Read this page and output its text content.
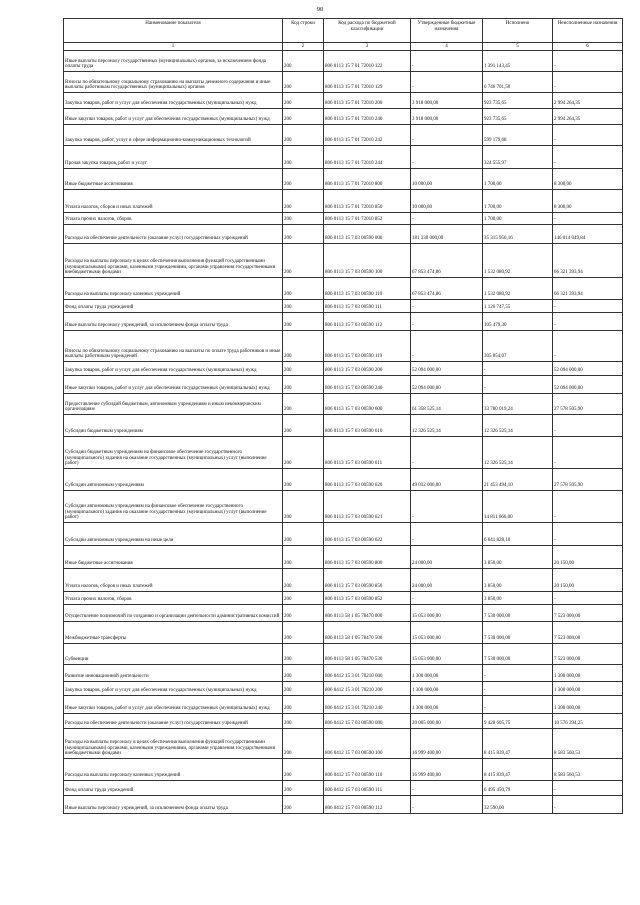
90
Наименование показателя	Код строки	Код расхода по бюджетной классификации	Утвержденные бюджетные назначения	Исполнено	Неисполненные назначения
1	2	3	4	5	6
Иные выплаты персоналу государственных (муниципальных) органов, за исключением фонда оплаты труда	200	806 0113 15 7 01 72010 122	-	1 391 143,45	-
Взносы по обязательному социальному страхованию на выплаты денежного содержания и иные выплаты работникам государственных (муниципальных) органов	200	806 0113 15 7 01 72010 129	-	6 746 701,50	-
Закупка товаров, работ и услуг для обеспечения государственных (муниципальных) нужд	200	806 0113 15 7 01 72010 200	3 918 000,00	923 735,65	2 994 264,35
Иные закупки товаров, работ и услуг для обеспечения государственных (муниципальных) нужд	200	806 0113 15 7 01 72010 240	3 918 000,00	923 735,65	2 994 264,35
Закупка товаров, работ, услуг в сфере информационно-коммуникационных технологий	200	806 0113 15 7 01 72010 242	-	599 179,68	-
Прочая закупка товаров, работ и услуг	200	806 0113 15 7 01 72010 244	-	324 555,97	-
Иные бюджетные ассигнования	200	806 0113 15 7 01 72010 800	10 000,00	1 700,00	8 300,00
Уплата налогов, сборов и иных платежей	200	806 0113 15 7 01 72010 850	10 000,00	1 700,00	8 300,00
Уплата прочих налогов, сборов	200	806 0113 15 7 01 72010 852	-	1 700,00	-
Расходы на обеспечение деятельности (оказание услуг) государственных учреждений	200	806 0113 15 7 03 00590 000	181 330 000,00	35 315 950,16	146 014 049,84
Расходы на выплаты персоналу в целях обеспечения выполнения функций государственными (муниципальными) органами, казенными учреждениями, органами управления государственными внебюджетными фондами	200	806 0113 15 7 03 00590 100	67 853 474,86	1 532 080,92	66 321 393,94
Расходы на выплаты персоналу казенных учреждений	200	806 0113 15 7 03 00590 110	67 853 474,86	1 532 080,92	66 321 393,94
Фонд оплаты труда учреждений	200	806 0113 15 7 03 00590 111	-	1 126 747,55	-
Иные выплаты персоналу учреждений, за исключением фонда оплаты труда	200	806 0113 15 7 03 00590 112	-	105 479,30	-
Взносы по обязательному социальному страхованию на выплаты по оплате труда работников и иные выплаты работникам учреждений	200	806 0113 15 7 03 00590 119	-	305 854,07	-
Закупка товаров, работ и услуг для обеспечения государственных (муниципальных) нужд	200	806 0113 15 7 03 00590 200	52 094 000,00	-	52 094 000,00
Иные закупки товаров, работ и услуг для обеспечения государственных (муниципальных) нужд	200	806 0113 15 7 03 00590 240	52 094 000,00	-	52 094 000,00
Предоставление субсидий бюджетным, автономным учреждениям и иным некоммерческим организациям	200	806 0113 15 7 03 00590 600	61 358 525,14	33 780 019,24	27 578 505,90
Субсидии бюджетным учреждениям	200	806 0113 15 7 03 00590 610	12 326 525,14	12 326 525,14	-
Субсидии бюджетным учреждениям на финансовое обеспечение государственного (муниципального) задания на оказание государственных (муниципальных) услуг (выполнение работ)	200	806 0113 15 7 03 00590 611	-	12 326 525,14	-
Субсидии автономным учреждениям	200	806 0113 15 7 03 00590 620	49 032 000,00	21 453 494,10	27 578 505,90
Субсидии автономным учреждениям на финансовое обеспечение государственного (муниципального) задания на оказание государственных (муниципальных) услуг (выполнение работ)	200	806 0113 15 7 03 00590 621	-	14 811 666,00	-
Субсидии автономным учреждениям на иные цели	200	806 0113 15 7 03 00590 622	-	6 641 828,10	-
Иные бюджетные ассигнования	200	806 0113 15 7 03 00590 800	24 000,00	3 850,00	20 150,00
Уплата налогов, сборов и иных платежей	200	806 0113 15 7 03 00590 850	24 000,00	3 850,00	20 150,00
Уплата прочих налогов, сборов	200	806 0113 15 7 03 00590 852	-	3 850,00	-
Осуществление полномочий по созданию и организации деятельности административных комиссий	200	806 0113 58 1 05 78470 000	15 053 000,00	7 530 000,00	7 523 000,00
Межбюджетные трансферты	200	806 0113 58 1 05 78470 500	15 053 000,00	7 530 000,00	7 523 000,00
Субвенции	200	806 0113 58 1 05 78470 530	15 053 000,00	7 530 000,00	7 523 000,00
Развитие инновационной деятельности	200	806 0412 15 3 01 70210 000	1 300 000,00	-	1 300 000,00
Закупка товаров, работ и услуг для обеспечения государственных (муниципальных) нужд	200	806 0412 15 3 01 70210 200	1 300 000,00	-	1 300 000,00
Иные закупки товаров, работ и услуг для обеспечения государственных (муниципальных) нужд	200	806 0412 15 3 01 70210 240	1 300 000,00	-	1 300 000,00
Расходы на обеспечение деятельности (оказание услуг) государственных учреждений	200	806 0412 15 7 03 00590 000	20 005 000,00	9 428 605,75	10 576 394,25
Расходы на выплаты персоналу в целях обеспечения выполнения функций государственными (муниципальными) органами, казенными учреждениями, органами управления государственными внебюджетными фондами	200	806 0412 15 7 03 00590 100	16 999 400,00	8 415 839,47	8 583 560,53
Расходы на выплаты персоналу казенных учреждений	200	806 0412 15 7 03 00590 110	16 999 400,00	8 415 839,47	8 583 560,53
Фонд оплаты труда учреждений	200	806 0412 15 7 03 00590 111	-	6 495 450,79	-
Иные выплаты персоналу учреждений, за исключением фонда оплаты труда	200	806 0412 15 7 03 00590 112	-	32 590,00	-
